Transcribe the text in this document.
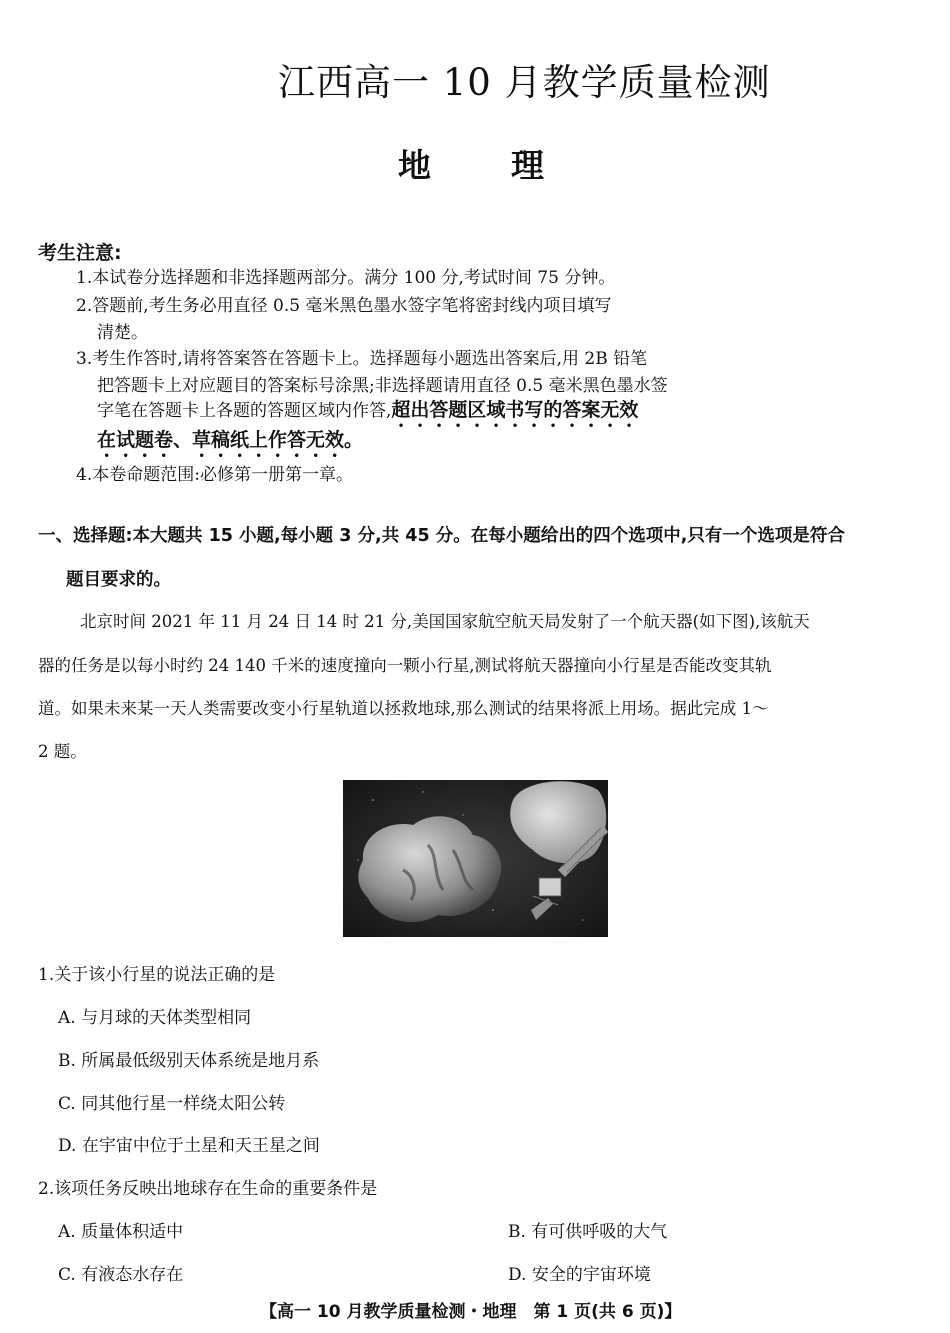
江西高一 10 月教学质量检测
地 理
考生注意:
1.本试卷分选择题和非选择题两部分。满分 100 分,考试时间 75 分钟。
2.答题前,考生务必用直径 0.5 毫米黑色墨水签字笔将密封线内项目填写
清楚。
3.考生作答时,请将答案答在答题卡上。选择题每小题选出答案后,用 2B 铅笔
把答题卡上对应题目的答案标号涂黑;非选择题请用直径 0.5 毫米黑色墨水签
字笔在答题卡上各题的答题区域内作答,超出答题区域书写的答案无效
在试题卷、草稿纸上作答无效。
4.本卷命题范围:必修第一册第一章。
一、选择题:本大题共 15 小题,每小题 3 分,共 45 分。在每小题给出的四个选项中,只有一个选项是符合
题目要求的。
北京时间 2021 年 11 月 24 日 14 时 21 分,美国国家航空航天局发射了一个航天器(如下图),该航天
器的任务是以每小时约 24 140 千米的速度撞向一颗小行星,测试将航天器撞向小行星是否能改变其轨
道。如果未来某一天人类需要改变小行星轨道以拯救地球,那么测试的结果将派上用场。据此完成 1～
2 题。
1.关于该小行星的说法正确的是
A. 与月球的天体类型相同
B. 所属最低级别天体系统是地月系
C. 同其他行星一样绕太阳公转
D. 在宇宙中位于土星和天王星之间
2.该项任务反映出地球存在生命的重要条件是
A. 质量体积适中	B. 有可供呼吸的大气
C. 有液态水存在	D. 安全的宇宙环境
【高一 10 月教学质量检测・地理　第 1 页(共 6 页)】
